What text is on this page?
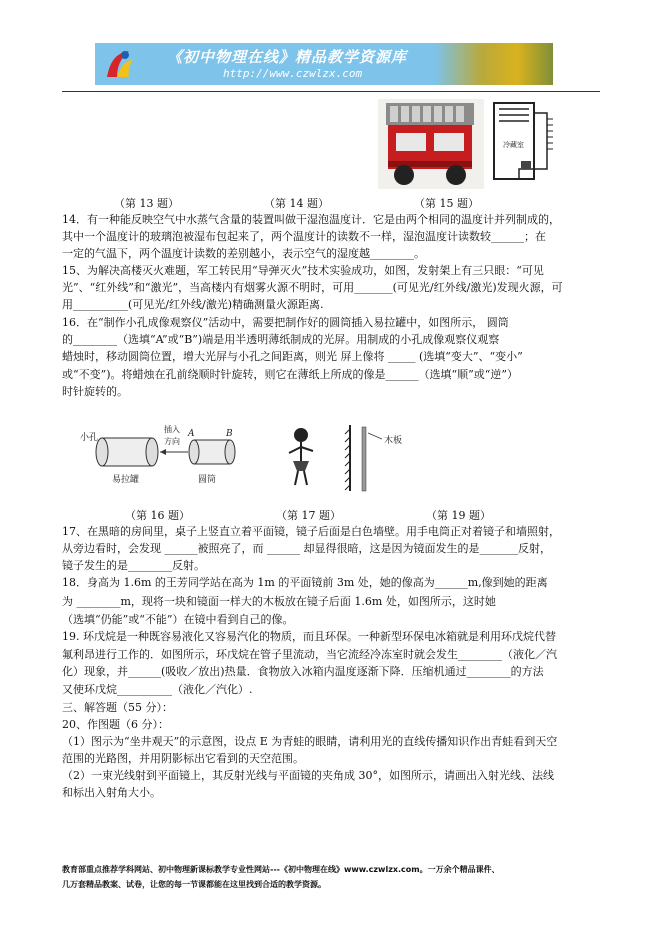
《初中物理在线》精品教学资源库
http://www.czwlzx.com
冷藏室
（第 13 题）	（第 14 题）	（第 15 题）
14．有一种能反映空气中水蒸气含量的装置叫做干湿泡温度计．它是由两个相同的温度计并列制成的，
其中一个温度计的玻璃泡被湿布包起来了，两个温度计的读数不一样，湿泡温度计读数较______；在
一定的气温下，两个温度计读数的差别越小，表示空气的湿度越________。
15、为解决高楼灭火难题，军工转民用“导弹灭火”技术实验成功，如图，发射架上有三只眼：“可见
光”、“红外线”和“激光”，当高楼内有烟雾火源不明时，可用_______(可见光/红外线/激光)发现火源，可
用__________(可见光/红外线/激光)精确测量火源距离.
16．在“制作小孔成像观察仪”活动中，需要把制作好的圆筒插入易拉罐中，如图所示， 圆筒
的________（选填“A”或“B”)端是用半透明薄纸制成的光屏。用制成的小孔成像观察仪观察
蜡烛时，移动圆筒位置，增大光屏与小孔之间距离，则光 屏上像将 _____ (选填“变大”、“变小”
或“不变”)。将蜡烛在孔前绕顺时针旋转，则它在薄纸上所成的像是______（选填“顺”或“逆”）
时针旋转的。
小孔
插入
方向
A	B
易拉罐	圆筒
木板
（第 16 题）	（第 17 题）	（第 19 题）
17、在黑暗的房间里，桌子上竖直立着平面镜，镜子后面是白色墙壁。用手电筒正对着镜子和墙照射，
从旁边看时，会发现 ______被照亮了，而 ______ 却显得很暗，这是因为镜面发生的是_______反射，
镜子发生的是________反射。
18．身高为 1.6m 的王芳同学站在高为 1m 的平面镜前 3m 处，她的像高为______m,像到她的距离
为 ________m，现将一块和镜面一样大的木板放在镜子后面 1.6m 处，如图所示，这时她
（选填“仍能”或“不能”）在镜中看到自己的像。
19. 环戊烷是一种既容易液化又容易汽化的物质，而且环保。一种新型环保电冰箱就是利用环戊烷代替
氟利昂进行工作的．如图所示，环戊烷在管子里流动，当它流经冷冻室时就会发生________（液化／汽
化）现象，并______(吸收／放出)热量．食物放入冰箱内温度逐渐下降．压缩机通过________的方法
又使环戊烷__________（液化／汽化）.
三、解答题（55 分）：
20、作图题（6 分）：
（1）图示为“坐井观天”的示意图，设点 E 为青蛙的眼睛，请利用光的直线传播知识作出青蛙看到天空
范围的光路图，并用阴影标出它看到的天空范围。
（2）一束光线射到平面镜上，其反射光线与平面镜的夹角成 30°，如图所示，请画出入射光线、法线
和标出入射角大小。
教育部重点推荐学科网站、初中物理新课标教学专业性网站---《初中物理在线》www.czwlzx.com。一万余个精品课件、
几万套精品教案、试卷，让您的每一节课都能在这里找到合适的教学资源。
